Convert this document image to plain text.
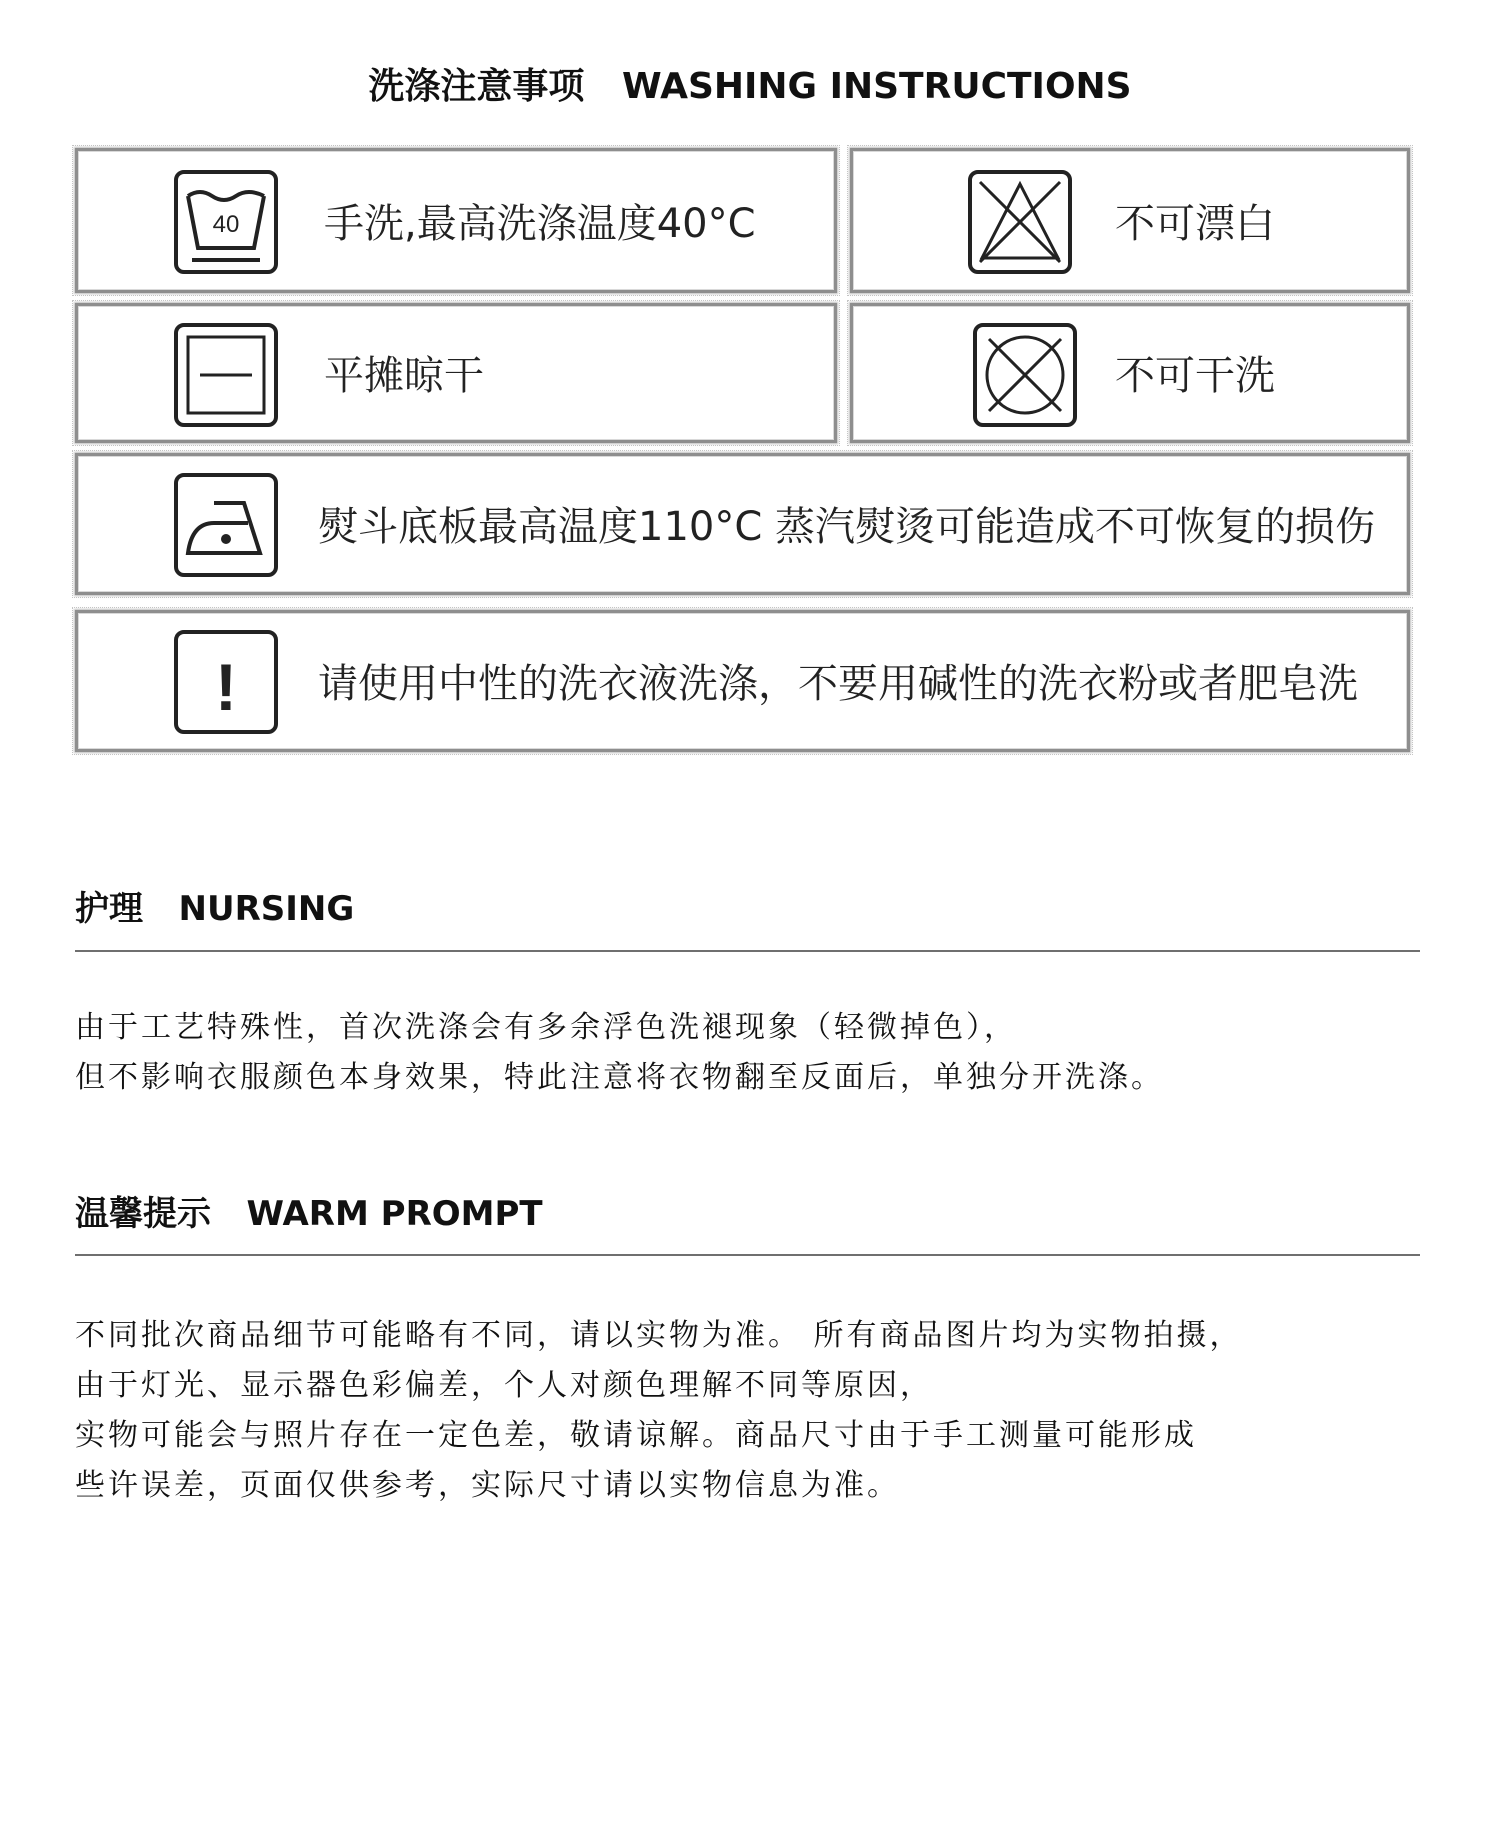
洗涤注意事项   WASHING INSTRUCTIONS
40 手洗,最高洗涤温度40°C	不可漂白
平摊晾干	不可干洗
熨斗底板最高温度110°C 蒸汽熨烫可能造成不可恢复的损伤
! 请使用中性的洗衣液洗涤，不要用碱性的洗衣粉或者肥皂洗
护理   NURSING
由于工艺特殊性，首次洗涤会有多余浮色洗褪现象（轻微掉色），
但不影响衣服颜色本身效果，特此注意将衣物翻至反面后，单独分开洗涤。
温馨提示   WARM PROMPT
不同批次商品细节可能略有不同，请以实物为准。 所有商品图片均为实物拍摄，
由于灯光、显示器色彩偏差，个人对颜色理解不同等原因，
实物可能会与照片存在一定色差，敬请谅解。商品尺寸由于手工测量可能形成
些许误差，页面仅供参考，实际尺寸请以实物信息为准。
